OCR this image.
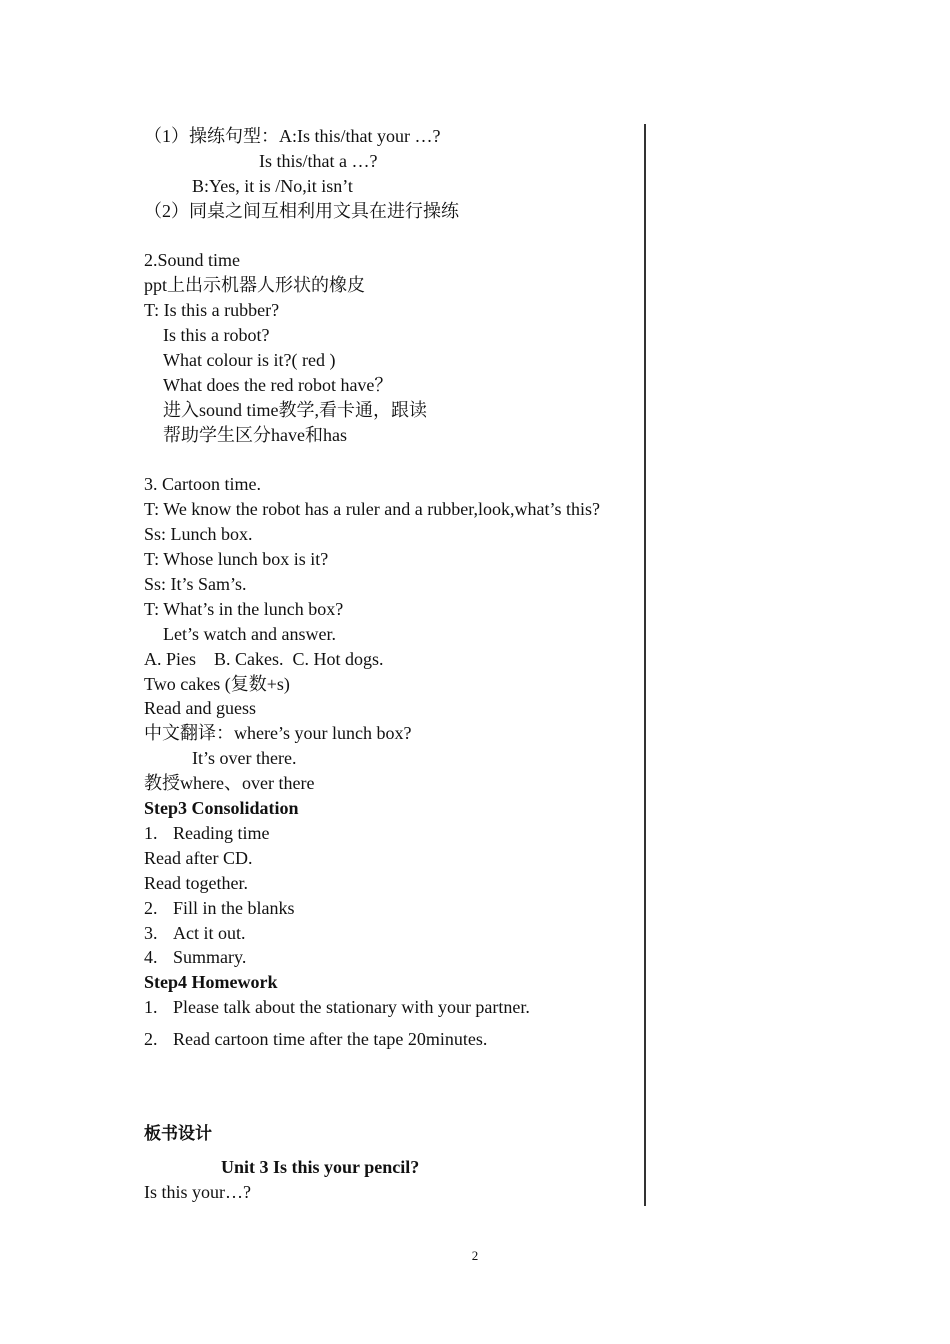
（1）操练句型：A:Is this/that your …?
Is this/that a …?
B:Yes, it is /No,it isn’t
（2）同桌之间互相利用文具在进行操练
2.Sound time
ppt上出示机器人形状的橡皮
T: Is this a rubber?
Is this a robot?
What colour is it?( red )
What does the red robot have？
进入sound time教学,看卡通，跟读
帮助学生区分have和has
3. Cartoon time.
T: We know the robot has a ruler and a rubber,look,what’s this?
Ss: Lunch box.
T: Whose lunch box is it?
Ss: It’s Sam’s.
T: What’s in the lunch box?
Let’s watch and answer.
A. Pies    B. Cakes.  C. Hot dogs.
Two cakes (复数+s)
Read and guess
中文翻译：where’s your lunch box?
It’s over there.
教授where、over there
Step3 Consolidation
1. Reading time
Read after CD.
Read together.
2. Fill in the blanks
3. Act it out.
4. Summary.
Step4 Homework
1. Please talk about the stationary with your partner.
2. Read cartoon time after the tape 20minutes.
板书设计
Unit 3 Is this your pencil?
Is this your…?
2
